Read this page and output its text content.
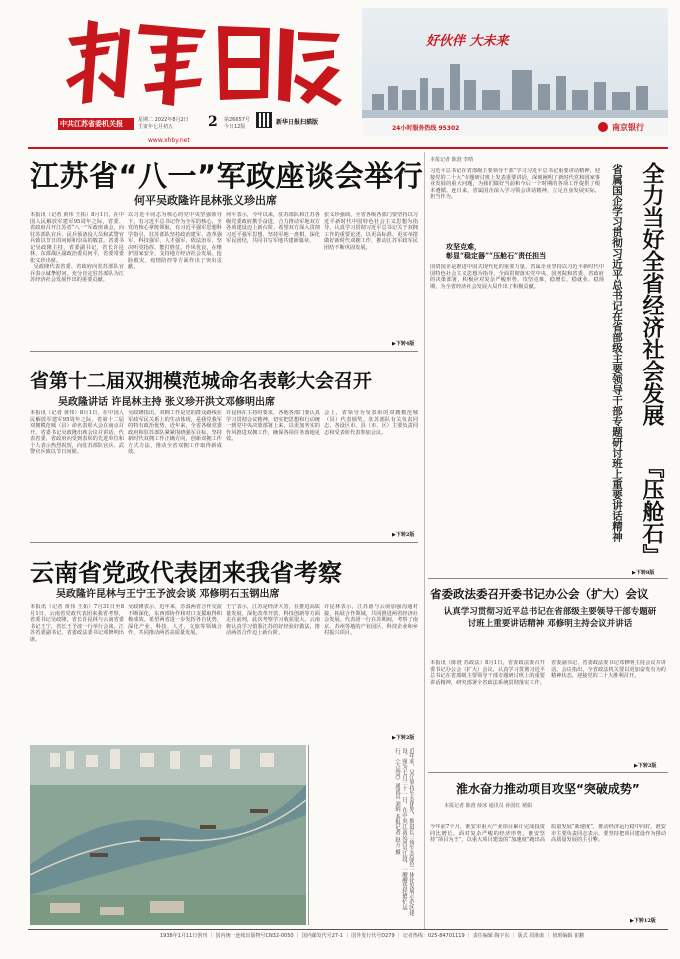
中共江苏省委机关报
www.xhby.net
星期二 2022年8月2日
壬寅年七月初五 2 第26657号
今日12版
新华日报扫描版
好伙伴 大未来
24小时服务热线 95302	南京银行
江苏省“八一”军政座谈会举行
何平吴政隆许昆林张义珍出席
本报讯（记者 黄伟 王拓）8月1日，在中国人民解放军建军95周年之际，省委、省政府召开江苏省“八一”军政座谈会，向驻苏部队官兵、民兵预备役人员和武警官兵致以节日的问候和崇高的敬意。省委书记吴政隆主持，省委副书记、省长许昆林，东部战区副政治委员何平，省委常委张义珍出席。
吴政隆代表省委、省政府向驻苏部队官兵表示诚挚慰问，充分肯定驻苏部队为江苏经济社会发展作出的重要贡献。
以习近平同志为核心的党中央坚强领导下，有习近平总书记作为全军的核心，全党的核心掌舵领航，有习近平强军思想科学指引，驻苏部队坚持政治建军、改革强军、科技强军、人才强军、依法治军，坚决听党指挥，能打胜仗，作风优良，在维护国家安全、支持地方经济社会发展、抢险救灾、疫情防控等方面作出了突出贡献。
何平表示，今年以来，驻苏部队和江苏各级党委政府携手奋进，合力推动军地双方各项建设迈上新台阶。希望双方深入贯彻习近平强军思想，坚持军地一盘棋，深化军民团结，共同书写军地共建新篇章。
张义珍强调，全省各级各部门要坚持以习近平新时代中国特色社会主义思想为指导，认真学习贯彻习近平总书记关于双拥工作的重要论述，以更高标准、更实举措做好新时代双拥工作，推动江苏军政军民团结不断巩固发展。
▶下转4版
省第十二届双拥模范城命名表彰大会召开
吴政隆讲话 许昆林主持 张义珍开洪文邓修明出席
本报讯（记者 黄伟）8月1日，在中国人民解放军建军95周年之际，省第十二届双拥模范城（县）命名表彰大会在南京召开。省委书记吴政隆出席会议并讲话，代表省委、省政府向受到表彰的先进单位和个人表示热烈祝贺，向驻苏部队官兵、武警官兵致以节日问候。
吴政隆指出，双拥工作是党的群众路线在军政军民关系上的生动体现，是我党我军的特有政治优势。近年来，全省各级党委政府和驻苏部队紧紧围绕强军目标，坚持新时代双拥工作正确方向，创新双拥工作方式方法，推动全省双拥工作取得新成效。
许昆林在主持时要求，各地各部门要认真学习贯彻会议精神，切实把思想和行动统一到党中央决策部署上来，以更加务实的作风推进双拥工作，确保各项任务落地见效。
会上，省领导为受表彰的双拥模范城（县）代表颁奖。驻苏部队有关负责同志，各设区市、县（市、区）主要负责同志和受表彰代表参加会议。
▶下转2版
云南省党政代表团来我省考察
吴政隆许昆林与王宁王予波会谈 邓修明石玉钢出席
本报讯（记者 黄伟 王拓）7月31日至8月1日，云南省党政代表团来我省考察，省委书记吴政隆，省长许昆林与云南省委书记王宁，省长王予波一行举行会谈，江苏省委副书记、省委政法委书记邓修明出席。
吴政隆表示，近年来，苏滇两省合作交流不断深化，东西部协作和对口支援取得积极成效。希望两省进一步发挥各自优势，深化产业、科技、人才、文旅等领域合作，共同推动两省高质量发展。
王宁表示，江苏是经济大省，在推进高质量发展、深化改革开放、科技创新等方面走在前列，此次考察学习收获很大。云南将认真学习借鉴江苏的好经验好做法，推动两省合作迈上新台阶。
许昆林表示，江苏愿与云南加强沟通对接，拓展合作领域，共同推进两省经济社会发展。代表团一行在苏期间，考察了南京、苏州等地的产业园区、科技企业和乡村振兴项目。
▶下转2版
近年来，吴江坚持生态优先，推进长三角生态绿色一体化发展示范区建设。图为七月三十一日，在中央江南运河吴江段，一艘艘货轮繁忙运行。（大运河）通讯员 刘炳 本报记者 赵方 摄
本报记者 陈澄 李晴
全力当好全省经济社会发展
『压舱石』
省属国企学习贯彻习近平总书记在省部级主要领导干部专题研讨班上重要讲话精神
习近平总书记在省部级主要领导干部“学习习近平总书记重要讲话精神，迎接党的二十大”专题研讨班上发表重要讲话，深刻阐明了新时代党和国家事业发展的重大问题，为我们做好当前和今后一个时期的各项工作提供了根本遵循。连日来，省属国企深入学习领会讲话精神，立足自身发展实际，担当作为。
攻坚克难，
彰显“稳定器”“压舱石”责任担当
国资国企是推进中国式现代化的重要力量。省属企业坚持以习近平新时代中国特色社会主义思想为指导，全面贯彻落实党中央、国务院和省委、省政府的决策部署，积极应对复杂严峻形势，攻坚克难，稳增长、稳就业、稳预期，为全省经济社会发展大局作出了积极贡献。
▶下转8版
省委政法委召开委书记办公会（扩大）会议
认真学习贯彻习近平总书记在省部级主要领导干部专题研讨班上重要讲话精神 邓修明主持会议并讲话
本报讯（陈澄 苏政法）8月1日，省委政法委召开委书记办公会（扩大）会议，认真学习贯彻习近平总书记在省部级主要领导干部专题研讨班上的重要讲话精神，研究部署全省政法系统贯彻落实工作。省委副书记、省委政法委书记邓修明主持会议并讲话。会议指出，全省政法机关要以更加奋发有为的精神状态，迎接党的二十大胜利召开。
▶下转2版
淮水奋力推动项目攻坚“突破成势”
本报记者 陈澄 薛冰 通讯员 孙国红 褚娟
今年前7个月，淮安市重大产业项目累计完成投资同比增长。面对复杂严峻的经济形势，淮安坚持“项目为王”，以重大项目建设的“加速度”跑出高质量发展“新速度”，推动经济运行稳中向好。淮安市主要负责同志表示，要坚持把项目建设作为推动高质量发展的主引擎。
▶下转12版
1938年1月11日创刊 ｜ 国内统一连续出版物号CN32-0050 ｜ 国内邮发代号27-1 ｜ 国外发行代号D279 ｜ 记者热线：025-84701119 ｜ 责任编辑 陶宇东 ｜ 版式 周淮康 ｜ 值班编辑 崔鹏
